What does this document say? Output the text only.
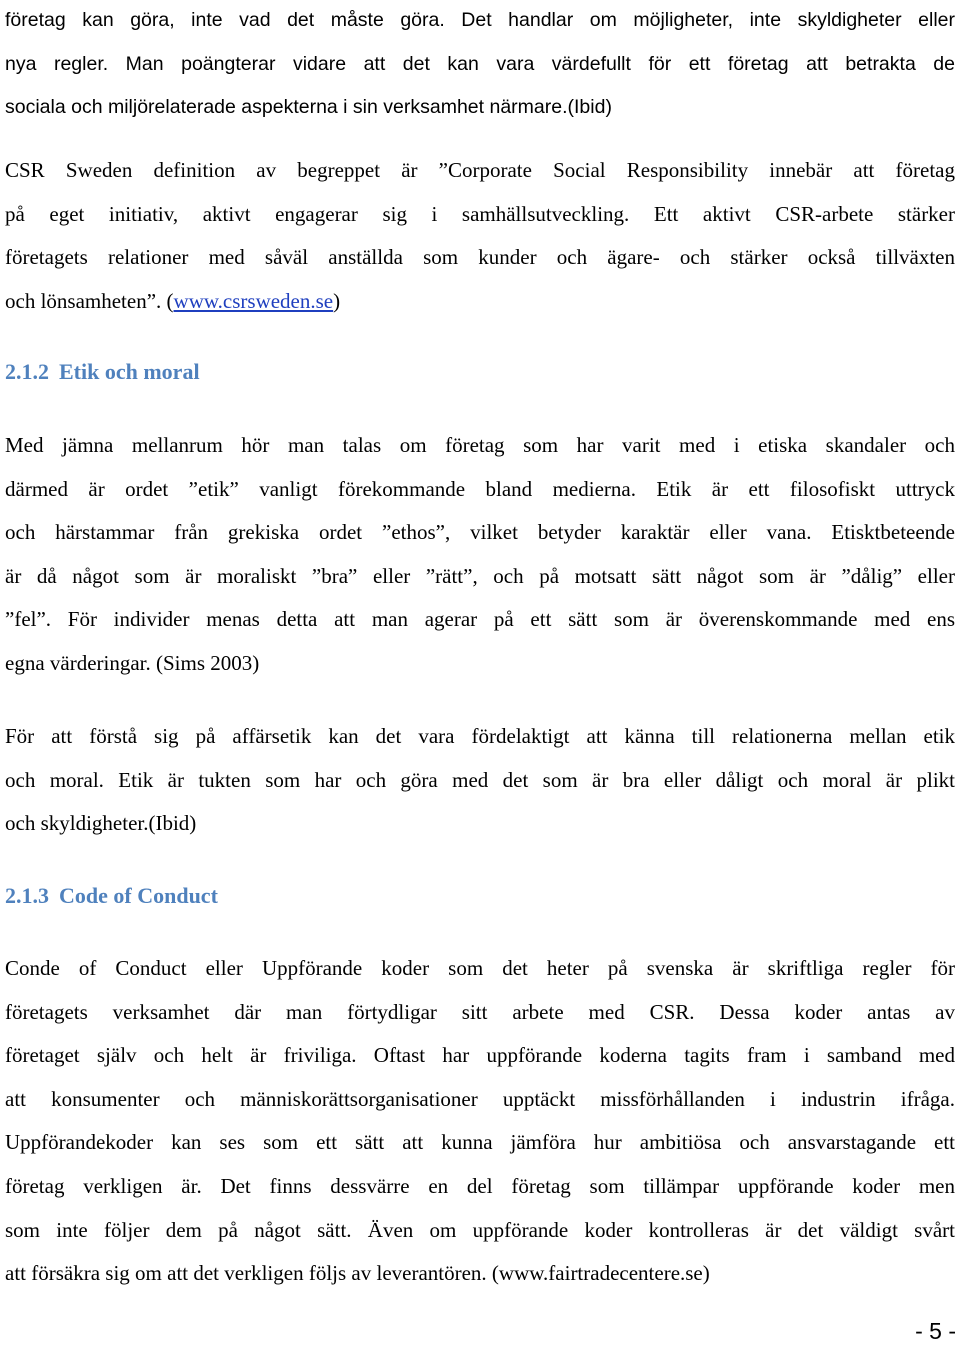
företag kan göra, inte vad det måste göra. Det handlar om möjligheter, inte skyldigheter eller
nya regler. Man poängterar vidare att det kan vara värdefullt för ett företag att betrakta de
sociala och miljörelaterade aspekterna i sin verksamhet närmare.(Ibid)
CSR Sweden definition av begreppet är ”Corporate Social Responsibility innebär att företag
på eget initiativ, aktivt engagerar sig i samhällsutveckling. Ett aktivt CSR-arbete stärker
företagets relationer med såväl anställda som kunder och ägare- och stärker också tillväxten
och lönsamheten”. (www.csrsweden.se)
2.1.2 Etik och moral
Med jämna mellanrum hör man talas om företag som har varit med i etiska skandaler och
därmed är ordet ”etik” vanligt förekommande bland medierna. Etik är ett filosofiskt uttryck
och härstammar från grekiska ordet ”ethos”, vilket betyder karaktär eller vana. Etisktbeteende
är då något som är moraliskt ”bra” eller ”rätt”, och på motsatt sätt något som är ”dålig” eller
”fel”. För individer menas detta att man agerar på ett sätt som är överenskommande med ens
egna värderingar. (Sims 2003)
För att förstå sig på affärsetik kan det vara fördelaktigt att känna till relationerna mellan etik
och moral. Etik är tukten som har och göra med det som är bra eller dåligt och moral är plikt
och skyldigheter.(Ibid)
2.1.3 Code of Conduct
Conde of Conduct eller Uppförande koder som det heter på svenska är skriftliga regler för
företagets verksamhet där man förtydligar sitt arbete med CSR. Dessa koder antas av
företaget själv och helt är friviliga. Oftast har uppförande koderna tagits fram i samband med
att konsumenter och människorättsorganisationer upptäckt missförhållanden i industrin ifråga.
Uppförandekoder kan ses som ett sätt att kunna jämföra hur ambitiösa och ansvarstagande ett
företag verkligen är. Det finns dessvärre en del företag som tillämpar uppförande koder men
som inte följer dem på något sätt. Även om uppförande koder kontrolleras är det väldigt svårt
att försäkra sig om att det verkligen följs av leverantören. (www.fairtradecentere.se)
- 5 -
